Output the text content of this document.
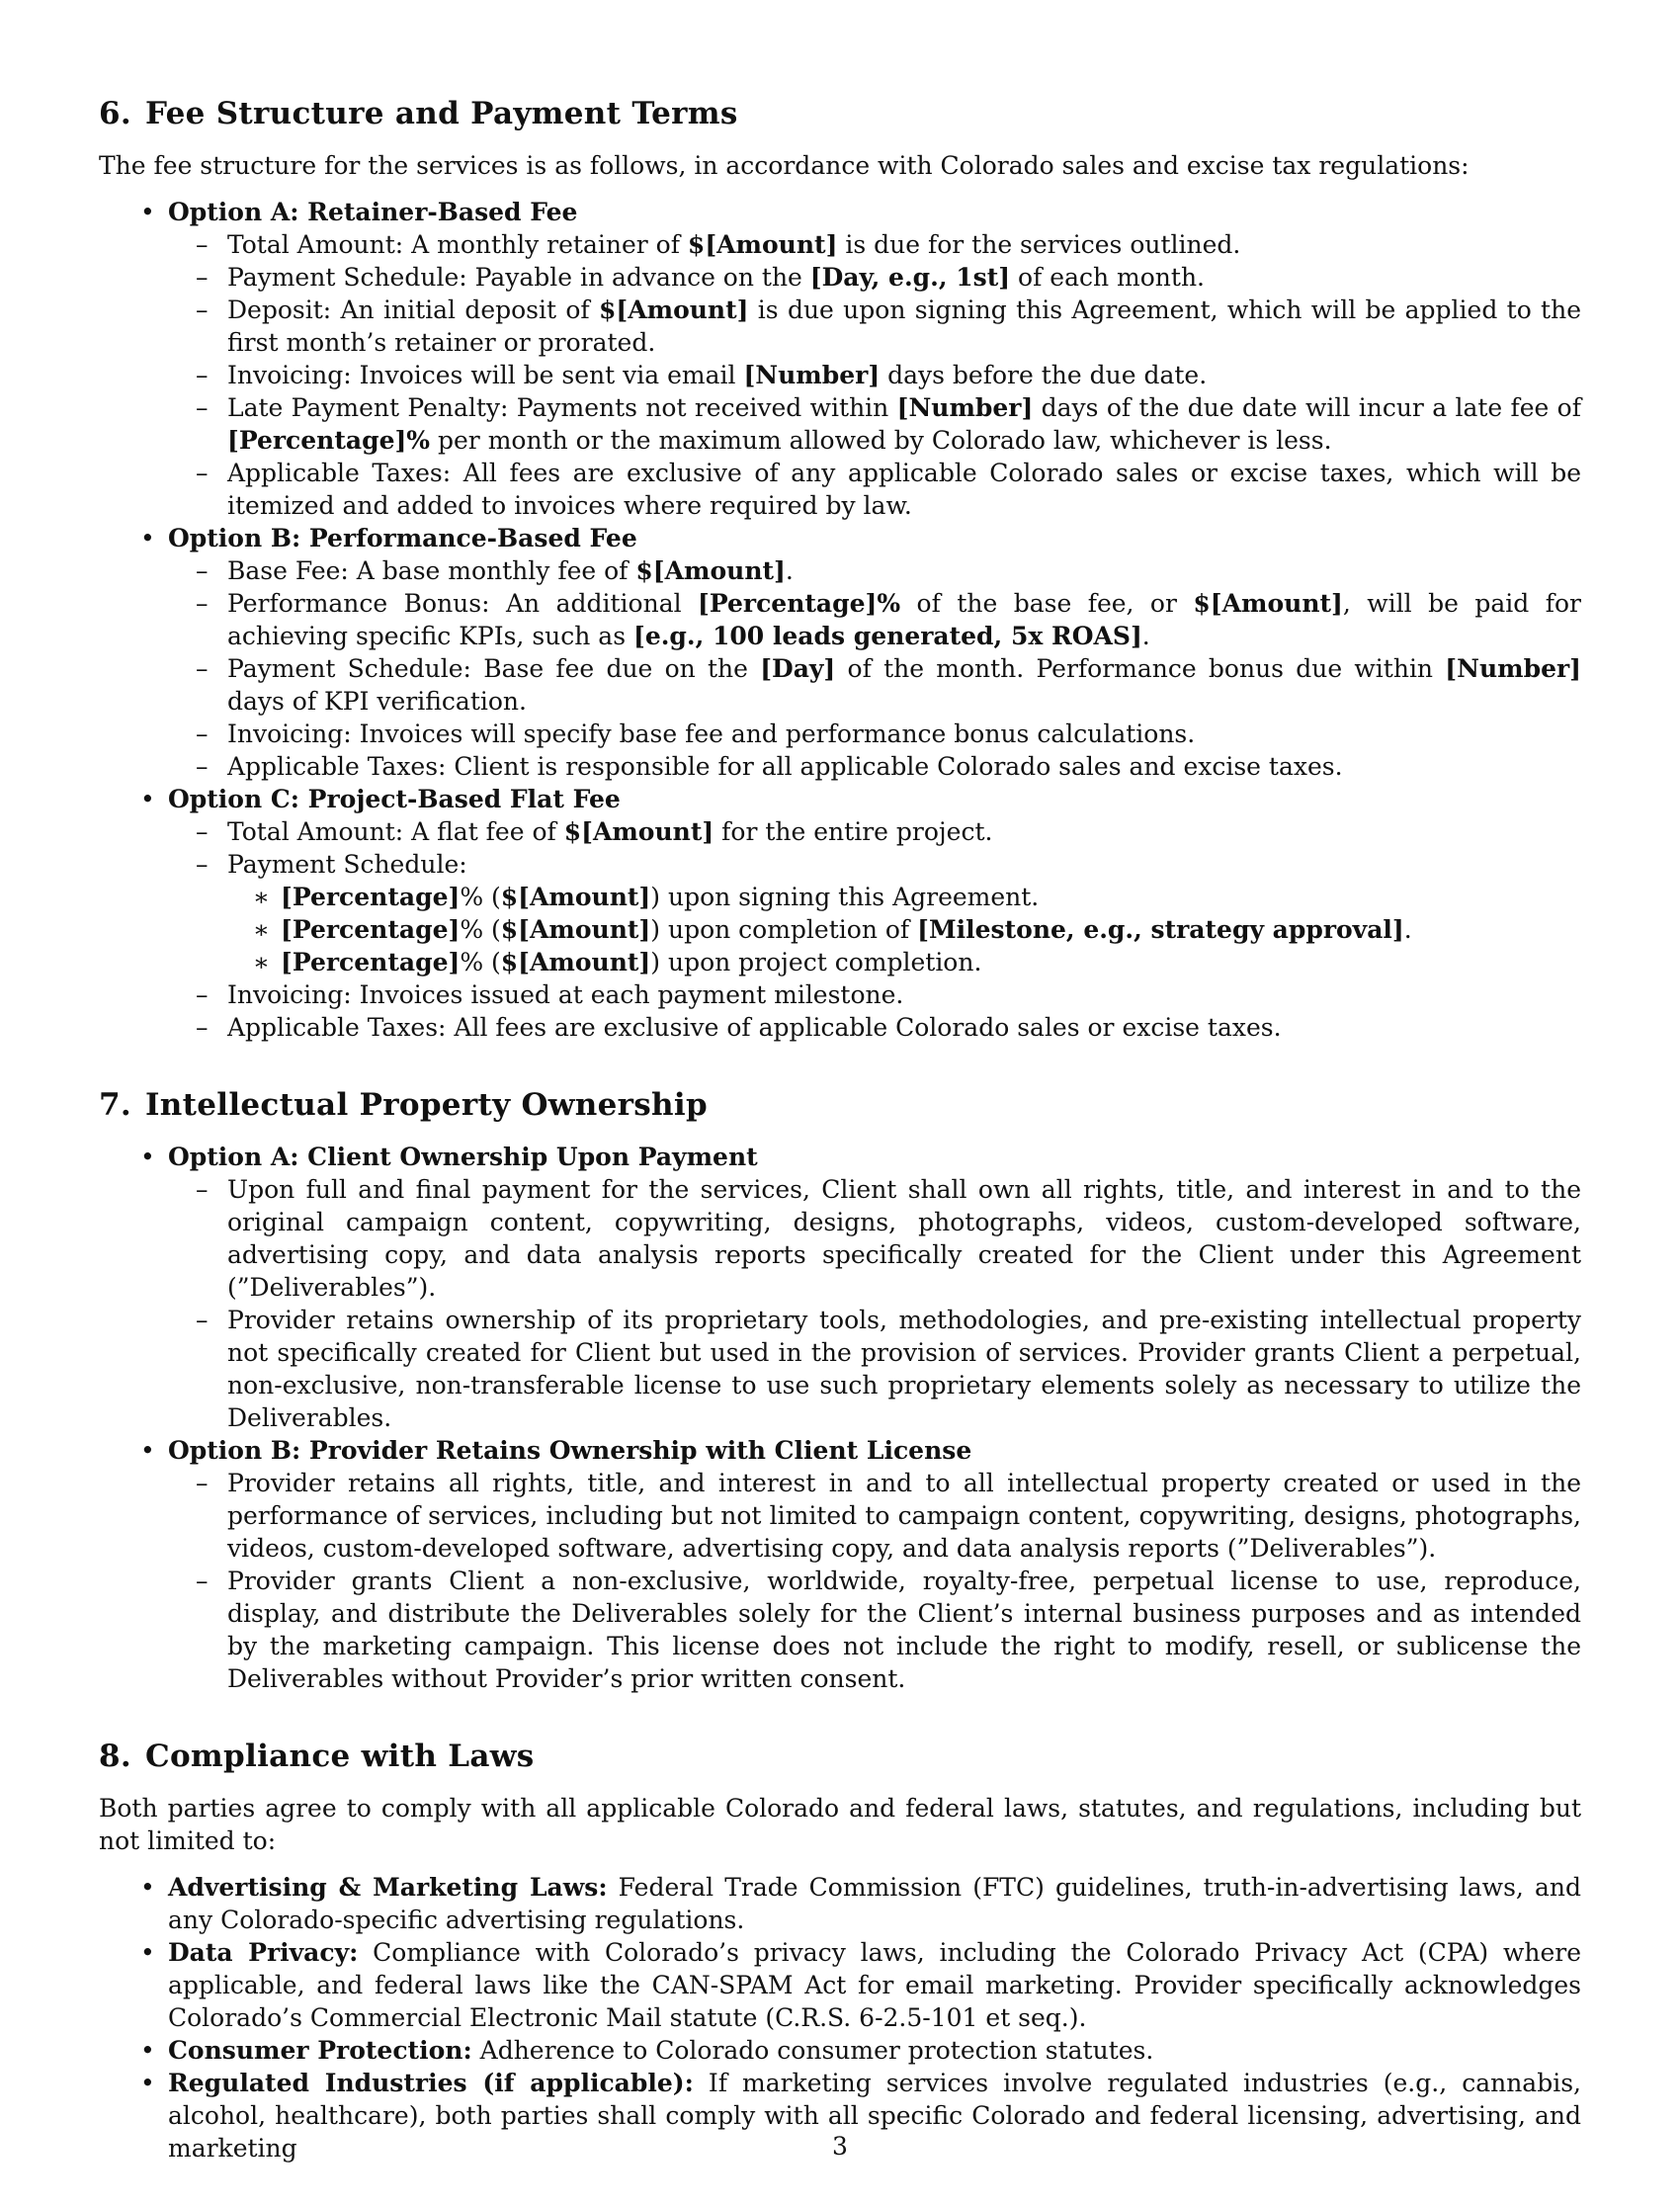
6. Fee Structure and Payment Terms

The fee structure for the services is as follows, in accordance with Colorado sales and excise tax regulations:

• Option A: Retainer-Based Fee
– Total Amount: A monthly retainer of $[Amount] is due for the services outlined.
– Payment Schedule: Payable in advance on the [Day, e.g., 1st] of each month.
– Deposit: An initial deposit of $[Amount] is due upon signing this Agreement, which will be applied to the first month’s retainer or prorated.
– Invoicing: Invoices will be sent via email [Number] days before the due date.
– Late Payment Penalty: Payments not received within [Number] days of the due date will incur a late fee of [Percentage]% per month or the maximum allowed by Colorado law, whichever is less.
– Applicable Taxes: All fees are exclusive of any applicable Colorado sales or excise taxes, which will be itemized and added to invoices where required by law.
• Option B: Performance-Based Fee
– Base Fee: A base monthly fee of $[Amount].
– Performance Bonus: An additional [Percentage]% of the base fee, or $[Amount], will be paid for achieving specific KPIs, such as [e.g., 100 leads generated, 5x ROAS].
– Payment Schedule: Base fee due on the [Day] of the month. Performance bonus due within [Number] days of KPI verification.
– Invoicing: Invoices will specify base fee and performance bonus calculations.
– Applicable Taxes: Client is responsible for all applicable Colorado sales and excise taxes.
• Option C: Project-Based Flat Fee
– Total Amount: A flat fee of $[Amount] for the entire project.
– Payment Schedule:
∗ [Percentage]% ($[Amount]) upon signing this Agreement.
∗ [Percentage]% ($[Amount]) upon completion of [Milestone, e.g., strategy approval].
∗ [Percentage]% ($[Amount]) upon project completion.
– Invoicing: Invoices issued at each payment milestone.
– Applicable Taxes: All fees are exclusive of applicable Colorado sales or excise taxes.
7. Intellectual Property Ownership
• Option A: Client Ownership Upon Payment
– Upon full and final payment for the services, Client shall own all rights, title, and interest in and to the original campaign content, copywriting, designs, photographs, videos, custom-developed software, advertising copy, and data analysis reports specifically created for the Client under this Agreement (”Deliverables”).
– Provider retains ownership of its proprietary tools, methodologies, and pre-existing intellectual property not specifically created for Client but used in the provision of services. Provider grants Client a perpetual, non-exclusive, non-transferable license to use such proprietary elements solely as necessary to utilize the Deliverables.
• Option B: Provider Retains Ownership with Client License
– Provider retains all rights, title, and interest in and to all intellectual property created or used in the performance of services, including but not limited to campaign content, copywriting, designs, photographs, videos, custom-developed software, advertising copy, and data analysis reports (”Deliverables”).
– Provider grants Client a non-exclusive, worldwide, royalty-free, perpetual license to use, reproduce, display, and distribute the Deliverables solely for the Client’s internal business purposes and as intended by the marketing campaign. This license does not include the right to modify, resell, or sublicense the Deliverables without Provider’s prior written consent.
8. Compliance with Laws

Both parties agree to comply with all applicable Colorado and federal laws, statutes, and regulations, including but not limited to:

• Advertising & Marketing Laws: Federal Trade Commission (FTC) guidelines, truth-in-advertising laws, and any Colorado-specific advertising regulations.
• Data Privacy: Compliance with Colorado’s privacy laws, including the Colorado Privacy Act (CPA) where applicable, and federal laws like the CAN-SPAM Act for email marketing. Provider specifically acknowledges Colorado’s Commercial Electronic Mail statute (C.R.S. 6-2.5-101 et seq.).
• Consumer Protection: Adherence to Colorado consumer protection statutes.
• Regulated Industries (if applicable): If marketing services involve regulated industries (e.g., cannabis, alcohol, healthcare), both parties shall comply with all specific Colorado and federal licensing, advertising, and marketing	3
